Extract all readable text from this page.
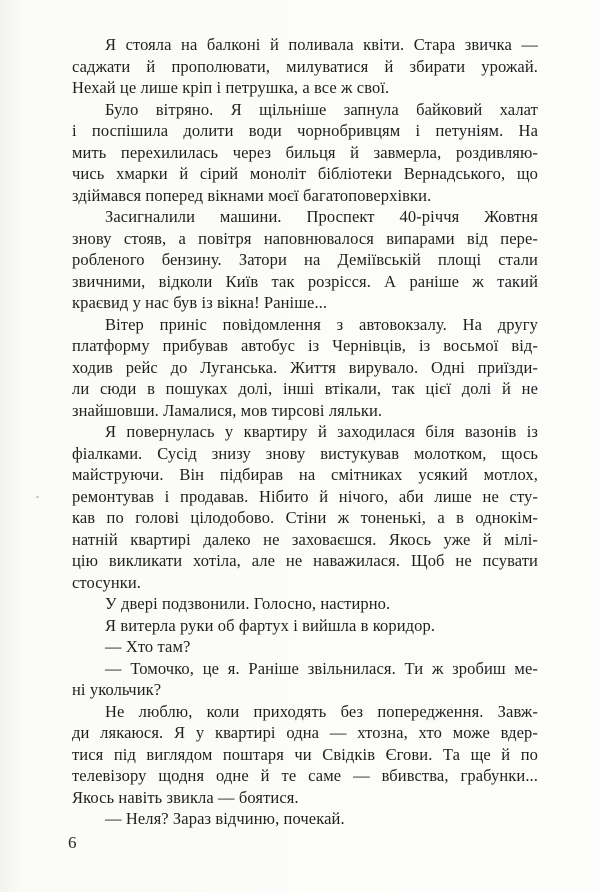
Я стояла на балконі й поливала квіти. Стара звичка —
саджати й прополювати, милуватися й збирати урожай.
Нехай це лише кріп і петрушка, а все ж свої.
Було вітряно. Я щільніше запнула байковий халат
і поспішила долити води чорнобривцям і петуніям. На
мить перехилилась через бильця й завмерла, роздивляю-
чись хмарки й сірий моноліт бібліотеки Вернадського, що
здіймався поперед вікнами моєї багатоповерхівки.
Засигналили машини. Проспект 40-річчя Жовтня
знову стояв, а повітря наповнювалося випарами від пере-
робленого бензину. Затори на Деміївській площі стали
звичними, відколи Київ так розрісся. А раніше ж такий
краєвид у нас був із вікна! Раніше...
Вітер приніс повідомлення з автовокзалу. На другу
платформу прибував автобус із Чернівців, із восьмої від-
ходив рейс до Луганська. Життя вирувало. Одні приїзди-
ли сюди в пошуках долі, інші втікали, так цієї долі й не
знайшовши. Ламалися, мов тирсові ляльки.
Я повернулась у квартиру й заходилася біля вазонів із
фіалками. Сусід знизу знову вистукував молотком, щось
майструючи. Він підбирав на смітниках усякий мотлох,
ремонтував і продавав. Нібито й нічого, аби лише не сту-
кав по голові цілодобово. Стіни ж тоненькі, а в однокім-
натній квартирі далеко не заховаєшся. Якось уже й мілі-
цію викликати хотіла, але не наважилася. Щоб не псувати
стосунки.
У двері подзвонили. Голосно, настирно.
Я витерла руки об фартух і вийшла в коридор.
— Хто там?
— Томочко, це я. Раніше звільнилася. Ти ж зробиш ме-
ні укольчик?
Не люблю, коли приходять без попередження. Завж-
ди лякаюся. Я у квартирі одна — хтозна, хто може вдер-
тися під виглядом поштаря чи Свідків Єгови. Та ще й по
телевізору щодня одне й те саме — вбивства, грабунки...
Якось навіть звикла — боятися.
— Неля? Зараз відчиню, почекай.
6
